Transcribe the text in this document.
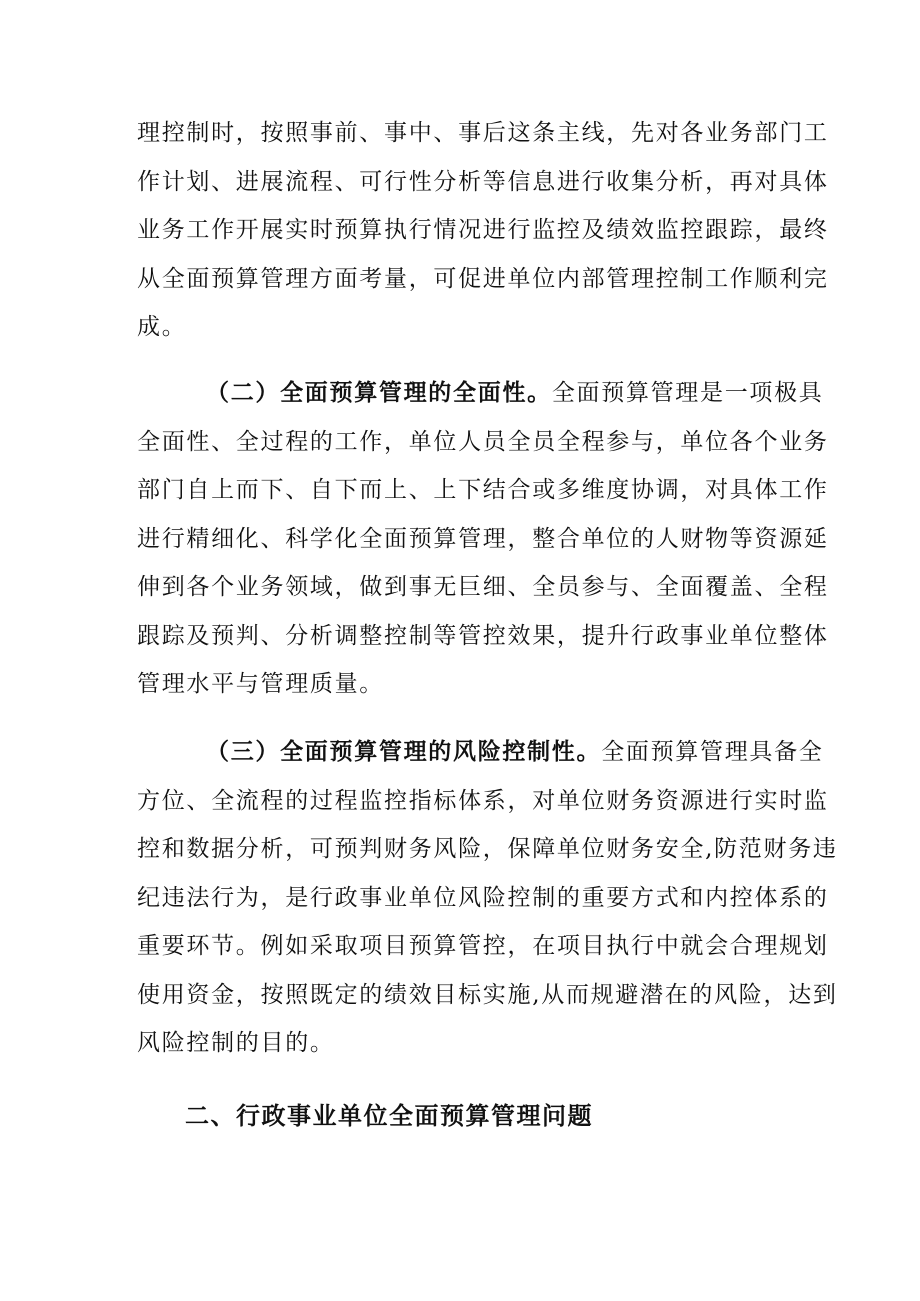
理控制时，按照事前、事中、事后这条主线，先对各业务部门工
作计划、进展流程、可行性分析等信息进行收集分析，再对具体
业务工作开展实时预算执行情况进行监控及绩效监控跟踪，最终
从全面预算管理方面考量，可促进单位内部管理控制工作顺利完
成。
（二）全面预算管理的全面性。全面预算管理是一项极具
全面性、全过程的工作，单位人员全员全程参与，单位各个业务
部门自上而下、自下而上、上下结合或多维度协调，对具体工作
进行精细化、科学化全面预算管理，整合单位的人财物等资源延
伸到各个业务领域，做到事无巨细、全员参与、全面覆盖、全程
跟踪及预判、分析调整控制等管控效果，提升行政事业单位整体
管理水平与管理质量。
（三）全面预算管理的风险控制性。全面预算管理具备全
方位、全流程的过程监控指标体系，对单位财务资源进行实时监
控和数据分析，可预判财务风险，保障单位财务安全,防范财务违
纪违法行为，是行政事业单位风险控制的重要方式和内控体系的
重要环节。例如采取项目预算管控，在项目执行中就会合理规划
使用资金，按照既定的绩效目标实施,从而规避潜在的风险，达到
风险控制的目的。
二、行政事业单位全面预算管理问题
